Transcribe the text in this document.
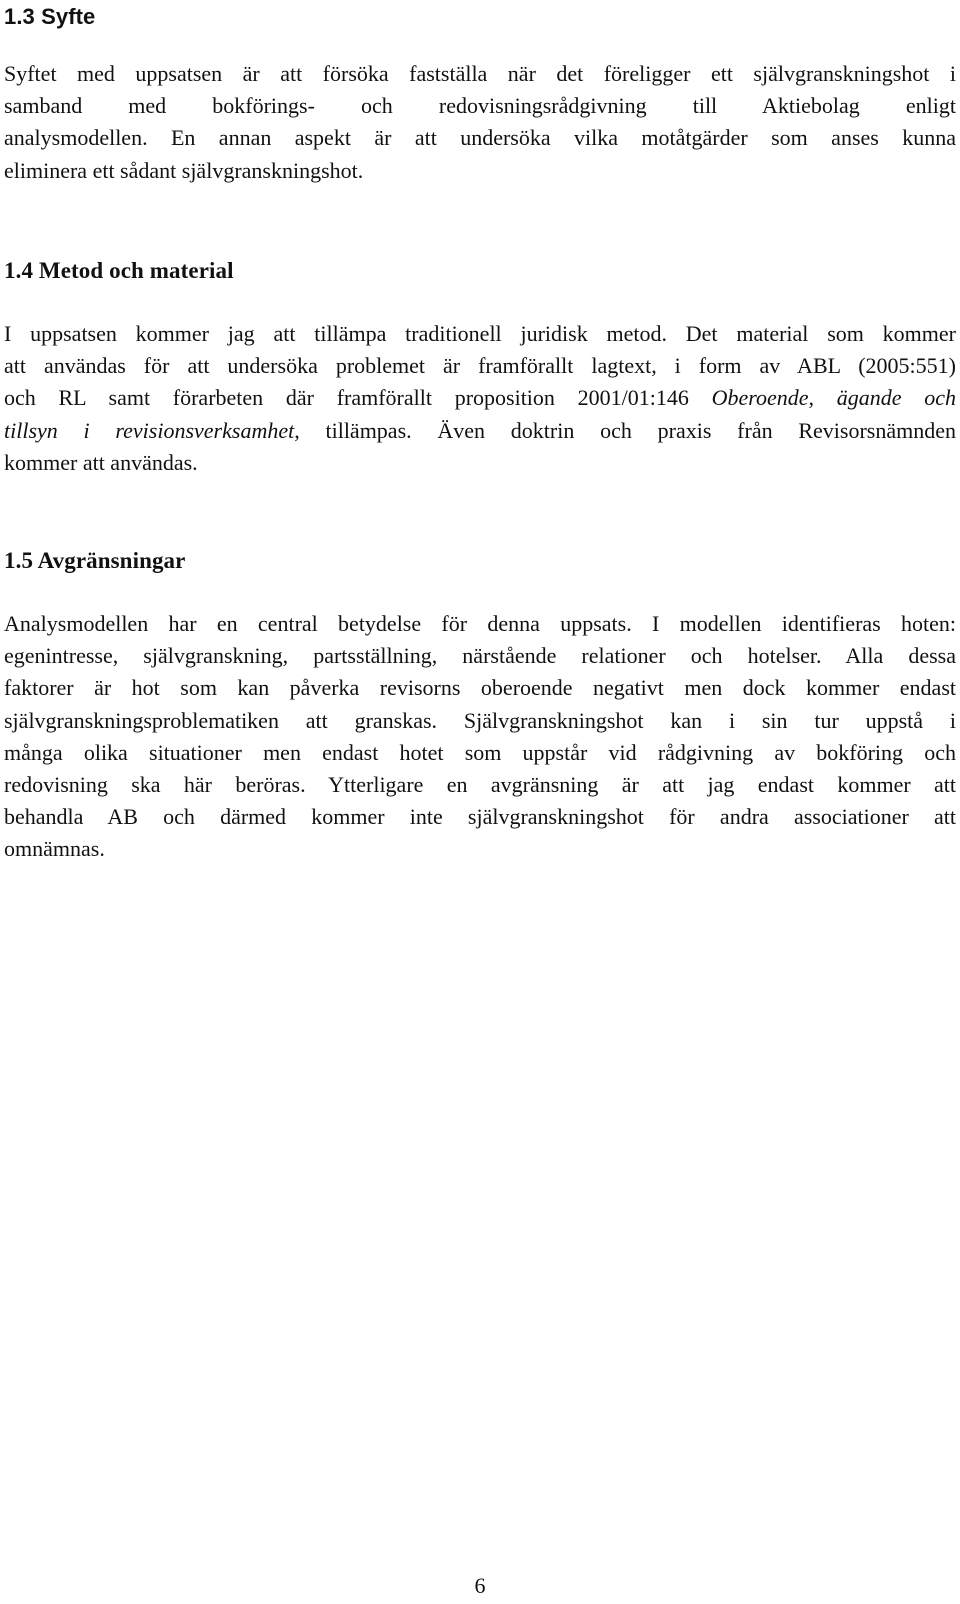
1.3 Syfte

Syftet med uppsatsen är att försöka fastställa när det föreligger ett självgranskningshot i
samband med bokförings- och redovisningsrådgivning till Aktiebolag enligt
analysmodellen. En annan aspekt är att undersöka vilka motåtgärder som anses kunna
eliminera ett sådant självgranskningshot.

1.4 Metod och material

I uppsatsen kommer jag att tillämpa traditionell juridisk metod. Det material som kommer
att användas för att undersöka problemet är framförallt lagtext, i form av ABL (2005:551)
och RL samt förarbeten där framförallt proposition 2001/01:146 Oberoende, ägande och
tillsyn i revisionsverksamhet, tillämpas. Även doktrin och praxis från Revisorsnämnden
kommer att användas.

1.5 Avgränsningar

Analysmodellen har en central betydelse för denna uppsats. I modellen identifieras hoten:
egenintresse, självgranskning, partsställning, närstående relationer och hotelser. Alla dessa
faktorer är hot som kan påverka revisorns oberoende negativt men dock kommer endast
självgranskningsproblematiken att granskas. Självgranskningshot kan i sin tur uppstå i
många olika situationer men endast hotet som uppstår vid rådgivning av bokföring och
redovisning ska här beröras. Ytterligare en avgränsning är att jag endast kommer att
behandla AB och därmed kommer inte självgranskningshot för andra associationer att
omnämnas.

6
